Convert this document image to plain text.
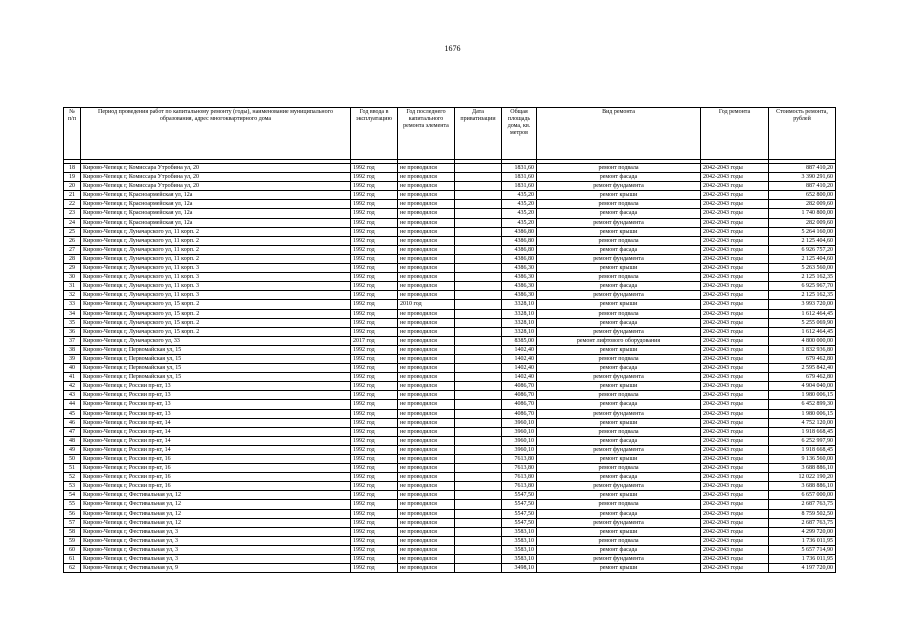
1676
№ п/п	Период проведения работ по капитальному ремонту (годы), наименование муниципального образования, адрес многоквартирного дома	Год ввода в эксплуатацию	Год последнего капитального ремонта элемента	Дата приватизации	Общая площадь дома, кв. метров	Вид ремонта	Год ремонта	Стоимость ремонта, рублей

18	Кирово-Чепецк г, Комиссара Утробина ул, 20	1992 год	не проводился		1831,60	ремонт подвала	2042-2043 годы	887 410,20
19	Кирово-Чепецк г, Комиссара Утробина ул, 20	1992 год	не проводился		1831,60	ремонт фасада	2042-2043 годы	3 390 291,60
20	Кирово-Чепецк г, Комиссара Утробина ул, 20	1992 год	не проводился		1831,60	ремонт фундамента	2042-2043 годы	887 410,20
21	Кирово-Чепецк г, Красноармейская ул, 12а	1992 год	не проводился		435,20	ремонт крыши	2042-2043 годы	652 800,00
22	Кирово-Чепецк г, Красноармейская ул, 12а	1992 год	не проводился		435,20	ремонт подвала	2042-2043 годы	282 009,60
23	Кирово-Чепецк г, Красноармейская ул, 12а	1992 год	не проводился		435,20	ремонт фасада	2042-2043 годы	1 740 800,00
24	Кирово-Чепецк г, Красноармейская ул, 12а	1992 год	не проводился		435,20	ремонт фундамента	2042-2043 годы	282 009,60
25	Кирово-Чепецк г, Луначарского ул, 11 корп. 2	1992 год	не проводился		4386,80	ремонт крыши	2042-2043 годы	5 264 160,00
26	Кирово-Чепецк г, Луначарского ул, 11 корп. 2	1992 год	не проводился		4386,80	ремонт подвала	2042-2043 годы	2 125 404,60
27	Кирово-Чепецк г, Луначарского ул, 11 корп. 2	1992 год	не проводился		4386,80	ремонт фасада	2042-2043 годы	6 926 757,20
28	Кирово-Чепецк г, Луначарского ул, 11 корп. 2	1992 год	не проводился		4386,80	ремонт фундамента	2042-2043 годы	2 125 404,60
29	Кирово-Чепецк г, Луначарского ул, 11 корп. 3	1992 год	не проводился		4386,30	ремонт крыши	2042-2043 годы	5 263 560,00
30	Кирово-Чепецк г, Луначарского ул, 11 корп. 3	1992 год	не проводился		4386,30	ремонт подвала	2042-2043 годы	2 125 162,35
31	Кирово-Чепецк г, Луначарского ул, 11 корп. 3	1992 год	не проводился		4386,30	ремонт фасада	2042-2043 годы	6 925 967,70
32	Кирово-Чепецк г, Луначарского ул, 11 корп. 3	1992 год	не проводился		4386,30	ремонт фундамента	2042-2043 годы	2 125 162,35
33	Кирово-Чепецк г, Луначарского ул, 15 корп. 2	1992 год	2010 год		3328,10	ремонт крыши	2042-2043 годы	3 993 720,00
34	Кирово-Чепецк г, Луначарского ул, 15 корп. 2	1992 год	не проводился		3328,10	ремонт подвала	2042-2043 годы	1 612 464,45
35	Кирово-Чепецк г, Луначарского ул, 15 корп. 2	1992 год	не проводился		3328,10	ремонт фасада	2042-2043 годы	5 255 069,90
36	Кирово-Чепецк г, Луначарского ул, 15 корп. 2	1992 год	не проводился		3328,10	ремонт фундамента	2042-2043 годы	1 612 464,45
37	Кирово-Чепецк г, Луначарского ул, 33	2017 год	не проводился		8385,00	ремонт лифтового оборудования	2042-2043 годы	4 800 000,00
38	Кирово-Чепецк г, Первомайская ул, 15	1992 год	не проводился		1402,40	ремонт крыши	2042-2043 годы	1 832 936,80
39	Кирово-Чепецк г, Первомайская ул, 15	1992 год	не проводился		1402,40	ремонт подвала	2042-2043 годы	679 462,80
40	Кирово-Чепецк г, Первомайская ул, 15	1992 год	не проводился		1402,40	ремонт фасада	2042-2043 годы	2 595 842,40
41	Кирово-Чепецк г, Первомайская ул, 15	1992 год	не проводился		1402,40	ремонт фундамента	2042-2043 годы	679 462,80
42	Кирово-Чепецк г, России пр-кт, 13	1992 год	не проводился		4086,70	ремонт крыши	2042-2043 годы	4 904 040,00
43	Кирово-Чепецк г, России пр-кт, 13	1992 год	не проводился		4086,70	ремонт подвала	2042-2043 годы	1 980 006,15
44	Кирово-Чепецк г, России пр-кт, 13	1992 год	не проводился		4086,70	ремонт фасада	2042-2043 годы	6 452 899,30
45	Кирово-Чепецк г, России пр-кт, 13	1992 год	не проводился		4086,70	ремонт фундамента	2042-2043 годы	1 980 006,15
46	Кирово-Чепецк г, России пр-кт, 14	1992 год	не проводился		3960,10	ремонт крыши	2042-2043 годы	4 752 120,00
47	Кирово-Чепецк г, России пр-кт, 14	1992 год	не проводился		3960,10	ремонт подвала	2042-2043 годы	1 918 668,45
48	Кирово-Чепецк г, России пр-кт, 14	1992 год	не проводился		3960,10	ремонт фасада	2042-2043 годы	6 252 997,90
49	Кирово-Чепецк г, России пр-кт, 14	1992 год	не проводился		3960,10	ремонт фундамента	2042-2043 годы	1 918 668,45
50	Кирово-Чепецк г, России пр-кт, 16	1992 год	не проводился		7613,80	ремонт крыши	2042-2043 годы	9 136 560,00
51	Кирово-Чепецк г, России пр-кт, 16	1992 год	не проводился		7613,80	ремонт подвала	2042-2043 годы	3 688 886,10
52	Кирово-Чепецк г, России пр-кт, 16	1992 год	не проводился		7613,80	ремонт фасада	2042-2043 годы	12 022 190,20
53	Кирово-Чепецк г, России пр-кт, 16	1992 год	не проводился		7613,80	ремонт фундамента	2042-2043 годы	3 688 886,10
54	Кирово-Чепецк г, Фестивальная ул, 12	1992 год	не проводился		5547,50	ремонт крыши	2042-2043 годы	6 657 000,00
55	Кирово-Чепецк г, Фестивальная ул, 12	1992 год	не проводился		5547,50	ремонт подвала	2042-2043 годы	2 687 763,75
56	Кирово-Чепецк г, Фестивальная ул, 12	1992 год	не проводился		5547,50	ремонт фасада	2042-2043 годы	8 759 502,50
57	Кирово-Чепецк г, Фестивальная ул, 12	1992 год	не проводился		5547,50	ремонт фундамента	2042-2043 годы	2 687 763,75
58	Кирово-Чепецк г, Фестивальная ул, 3	1992 год	не проводился		3583,10	ремонт крыши	2042-2043 годы	4 299 720,00
59	Кирово-Чепецк г, Фестивальная ул, 3	1992 год	не проводился		3583,10	ремонт подвала	2042-2043 годы	1 736 011,95
60	Кирово-Чепецк г, Фестивальная ул, 3	1992 год	не проводился		3583,10	ремонт фасада	2042-2043 годы	5 657 714,90
61	Кирово-Чепецк г, Фестивальная ул, 3	1992 год	не проводился		3583,10	ремонт фундамента	2042-2043 годы	1 736 011,95
62	Кирово-Чепецк г, Фестивальная ул, 9	1992 год	не проводился		3498,10	ремонт крыши	2042-2043 годы	4 197 720,00
